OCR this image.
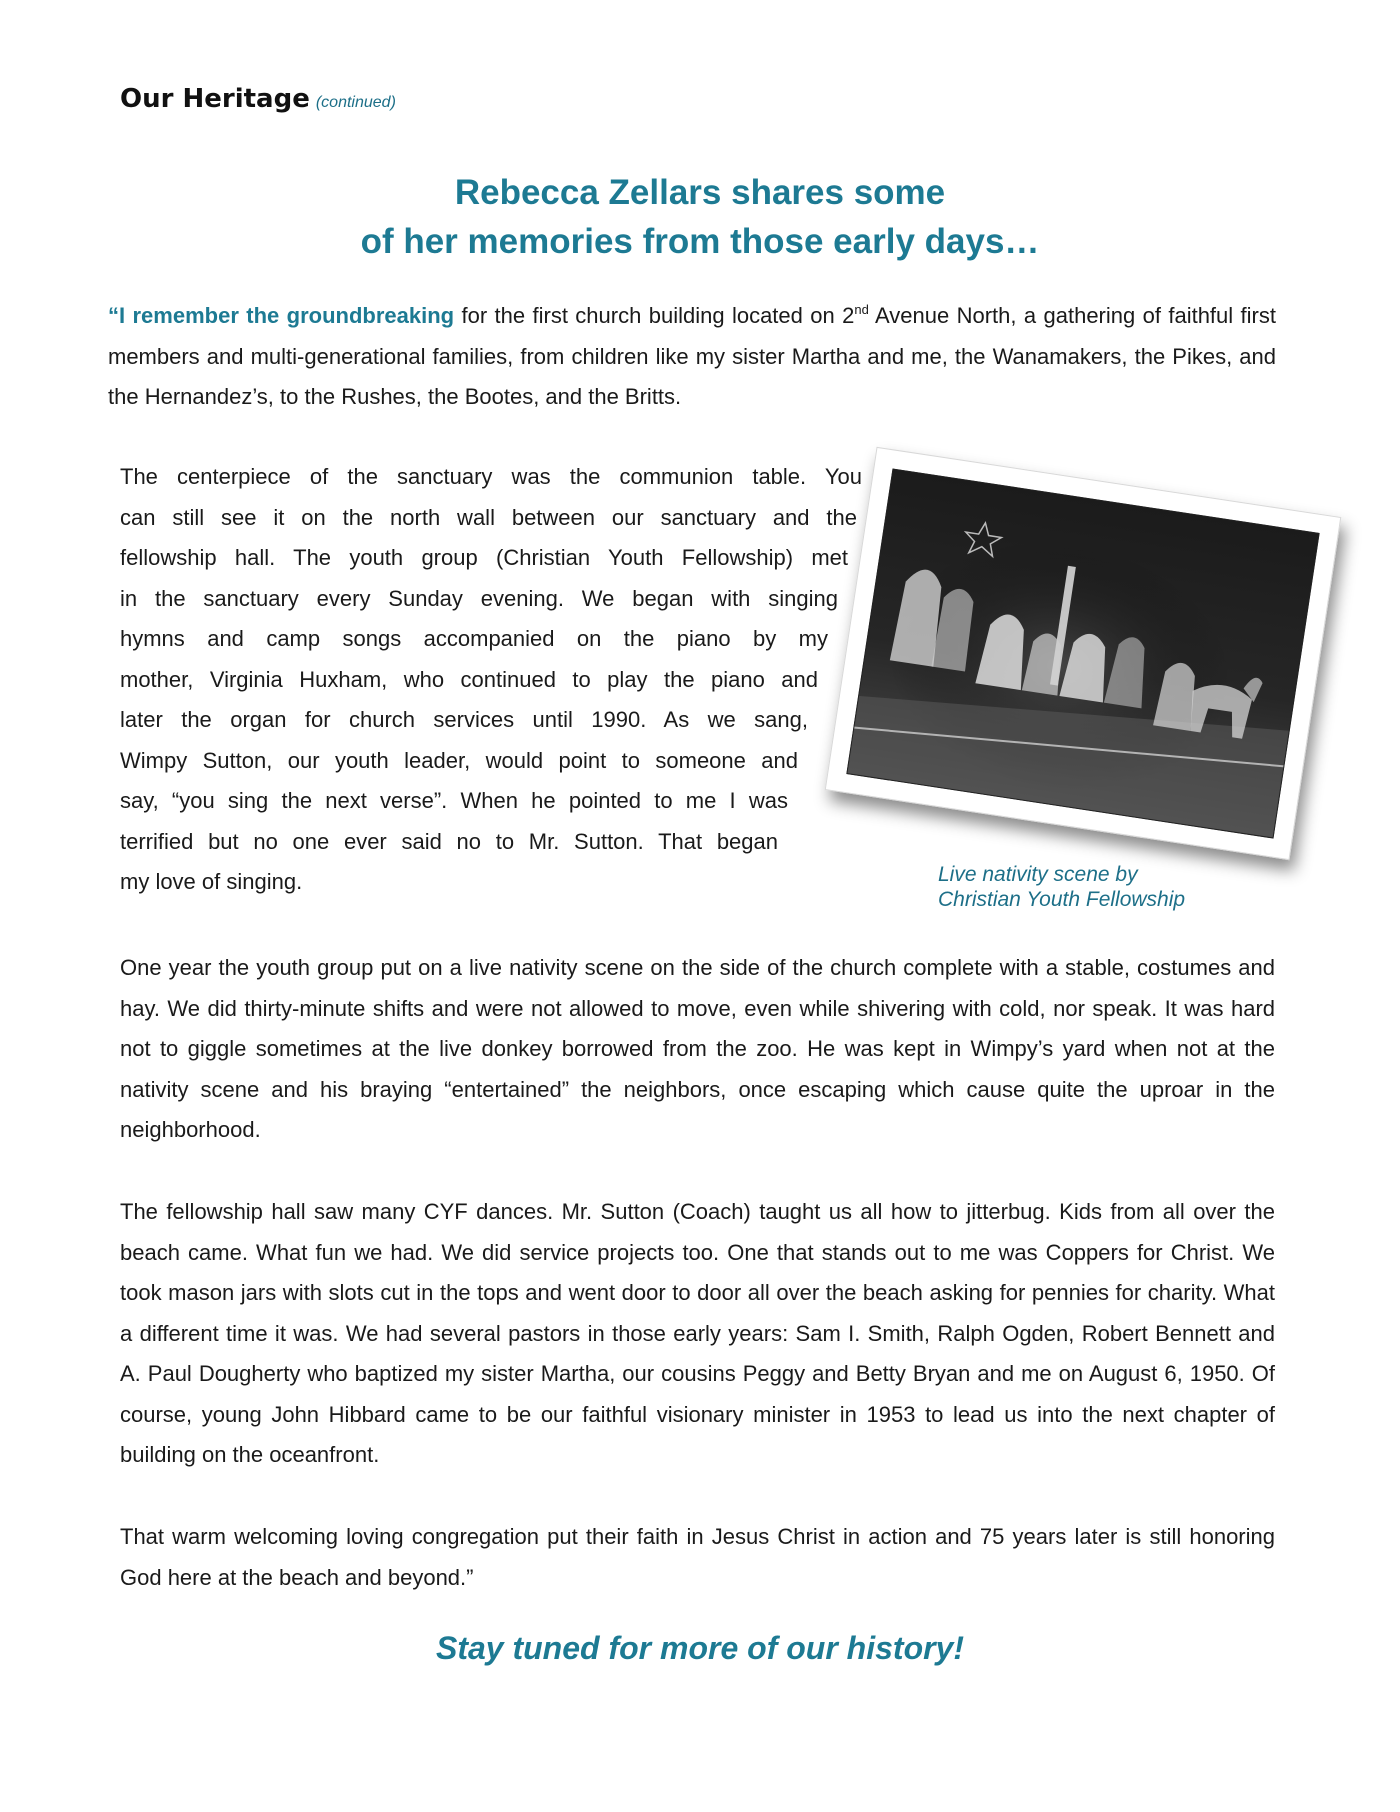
Our Heritage (continued)
Rebecca Zellars shares some
of her memories from those early days…
“I remember the groundbreaking for the first church building located on 2nd Avenue North, a gathering of faithful first members and multi-generational families, from children like my sister Martha and me, the Wanamakers, the Pikes, and the Hernandez’s, to the Rushes, the Bootes, and the Britts.
The centerpiece of the sanctuary was the communion table. You
can still see it on the north wall between our sanctuary and the
fellowship hall. The youth group (Christian Youth Fellowship) met
in the sanctuary every Sunday evening. We began with singing
hymns and camp songs accompanied on the piano by my
mother, Virginia Huxham, who continued to play the piano and
later the organ for church services until 1990. As we sang,
Wimpy Sutton, our youth leader, would point to someone and
say, “you sing the next verse”. When he pointed to me I was
terrified but no one ever said no to Mr. Sutton. That began
my love of singing.	Live nativity scene by
Christian Youth Fellowship
One year the youth group put on a live nativity scene on the side of the church complete with a stable, costumes and hay. We did thirty-minute shifts and were not allowed to move, even while shivering with cold, nor speak. It was hard not to giggle sometimes at the live donkey borrowed from the zoo. He was kept in Wimpy’s yard when not at the nativity scene and his braying “entertained” the neighbors, once escaping which cause quite the uproar in the neighborhood.
The fellowship hall saw many CYF dances. Mr. Sutton (Coach) taught us all how to jitterbug. Kids from all over the beach came. What fun we had. We did service projects too. One that stands out to me was Coppers for Christ. We took mason jars with slots cut in the tops and went door to door all over the beach asking for pennies for charity. What a different time it was. We had several pastors in those early years: Sam I. Smith, Ralph Ogden, Robert Bennett and A. Paul Dougherty who baptized my sister Martha, our cousins Peggy and Betty Bryan and me on August 6, 1950. Of course, young John Hibbard came to be our faithful visionary minister in 1953 to lead us into the next chapter of building on the oceanfront.
That warm welcoming loving congregation put their faith in Jesus Christ in action and 75 years later is still honoring God here at the beach and beyond.”
Stay tuned for more of our history!
